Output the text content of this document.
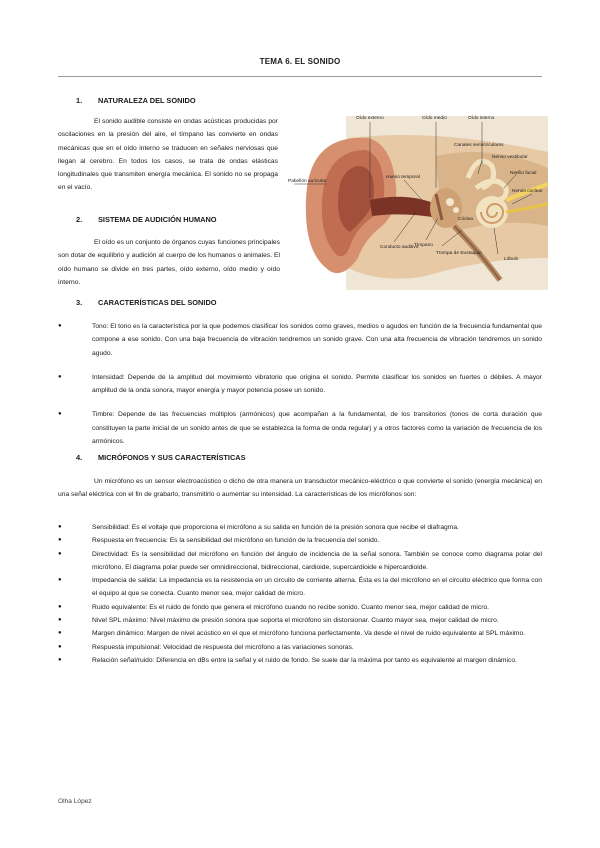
TEMA 6. EL SONIDO
1. NATURALEZA DEL SONIDO

El sonido audible consiste en ondas acústicas producidas por oscilaciones en la presión del aire, el tímpano las convierte en ondas mecánicas que en el oído interno se traducen en señales nerviosas que llegan al cerebro. En todos los casos, se trata de ondas elásticas longitudinales que transmiten energía mecánica. El sonido no se propaga en el vacío.

2. SISTEMA DE AUDICIÓN HUMANO

El oído es un conjunto de órganos cuyas funciones principales son dotar de equilibrio y audición al cuerpo de los humanos o animales. El oído humano se divide en tres partes, oído externo, oído medio y oído interno.

Oído externo	Oído medio	Oído interno
Canales semicirculares
Nervio vestibular
Pabellón auricular
Hueso temporal
Nervio facial
Nervio coclear
Cóclea
Conducto auditivo
Tímpano
Trompa de Eustaquio
Lóbulo
3. CARACTERÍSTICAS DEL SONIDO
● Tono: El tono es la característica por la que podemos clasificar los sonidos como graves, medios o agudos en función de la frecuencia fundamental que compone a ese sonido. Con una baja frecuencia de vibración tendremos un sonido grave. Con una alta frecuencia de vibración tendremos un sonido agudo.
● Intensidad: Depende de la amplitud del movimiento vibratorio que origina el sonido. Permite clasificar los sonidos en fuertes o débiles. A mayor amplitud de la onda sonora, mayor energía y mayor potencia posee un sonido.
● Timbre: Depende de las frecuencias múltiplos (armónicos) que acompañan a la fundamental, de los transitorios (tonos de corta duración que constituyen la parte inicial de un sonido antes de que se establezca la forma de onda regular) y a otros factores como la variación de frecuencia de los armónicos.
4. MICRÓFONOS Y SUS CARACTERÍSTICAS

Un micrófono es un sensor electroacústico o dicho de otra manera un transductor mecánico-eléctrico o que convierte el sonido (energía mecánica) en una señal eléctrica con el fin de grabarlo, transmitirlo o aumentar su intensidad. La características de los micrófonos son:

● Sensibilidad: Es el voltaje que proporciona el micrófono a su salida en función de la presión sonora que recibe el diafragma.
● Respuesta en frecuencia: Es la sensibilidad del micrófono en función de la frecuencia del sonido.
● Directividad: Es la sensibilidad del micrófono en función del ángulo de incidencia de la señal sonora. También se conoce como diagrama polar del micrófono. El diagrama polar puede ser omnidireccional, bidireccional, cardioide, supercardioide e hipercardioide.
● Impedancia de salida: La impedancia es la resistencia en un circuito de corriente alterna. Ésta es la del micrófono en el circuito eléctrico que forma con el equipo al que se conecta. Cuanto menor sea, mejor calidad de micro.
● Ruido equivalente: Es el ruido de fondo que genera el micrófono cuando no recibe sonido. Cuanto menor sea, mejor calidad de micro.
● Nivel SPL máximo: Nivel máximo de presión sonora que soporta el micrófono sin distorsionar. Cuanto mayor sea, mejor calidad de micro.
● Margen dinámico: Margen de nivel acústico en el que el micrófono funciona perfectamente. Va desde el nivel de ruido equivalente al SPL máximo.
● Respuesta impulsional: Velocidad de respuesta del micrófono a las variaciones sonoras.
● Relación señal/ruido: Diferencia en dBs entre la señal y el ruido de fondo. Se suele dar la máxima por tanto es equivalente al margen dinámico.
Olha López
